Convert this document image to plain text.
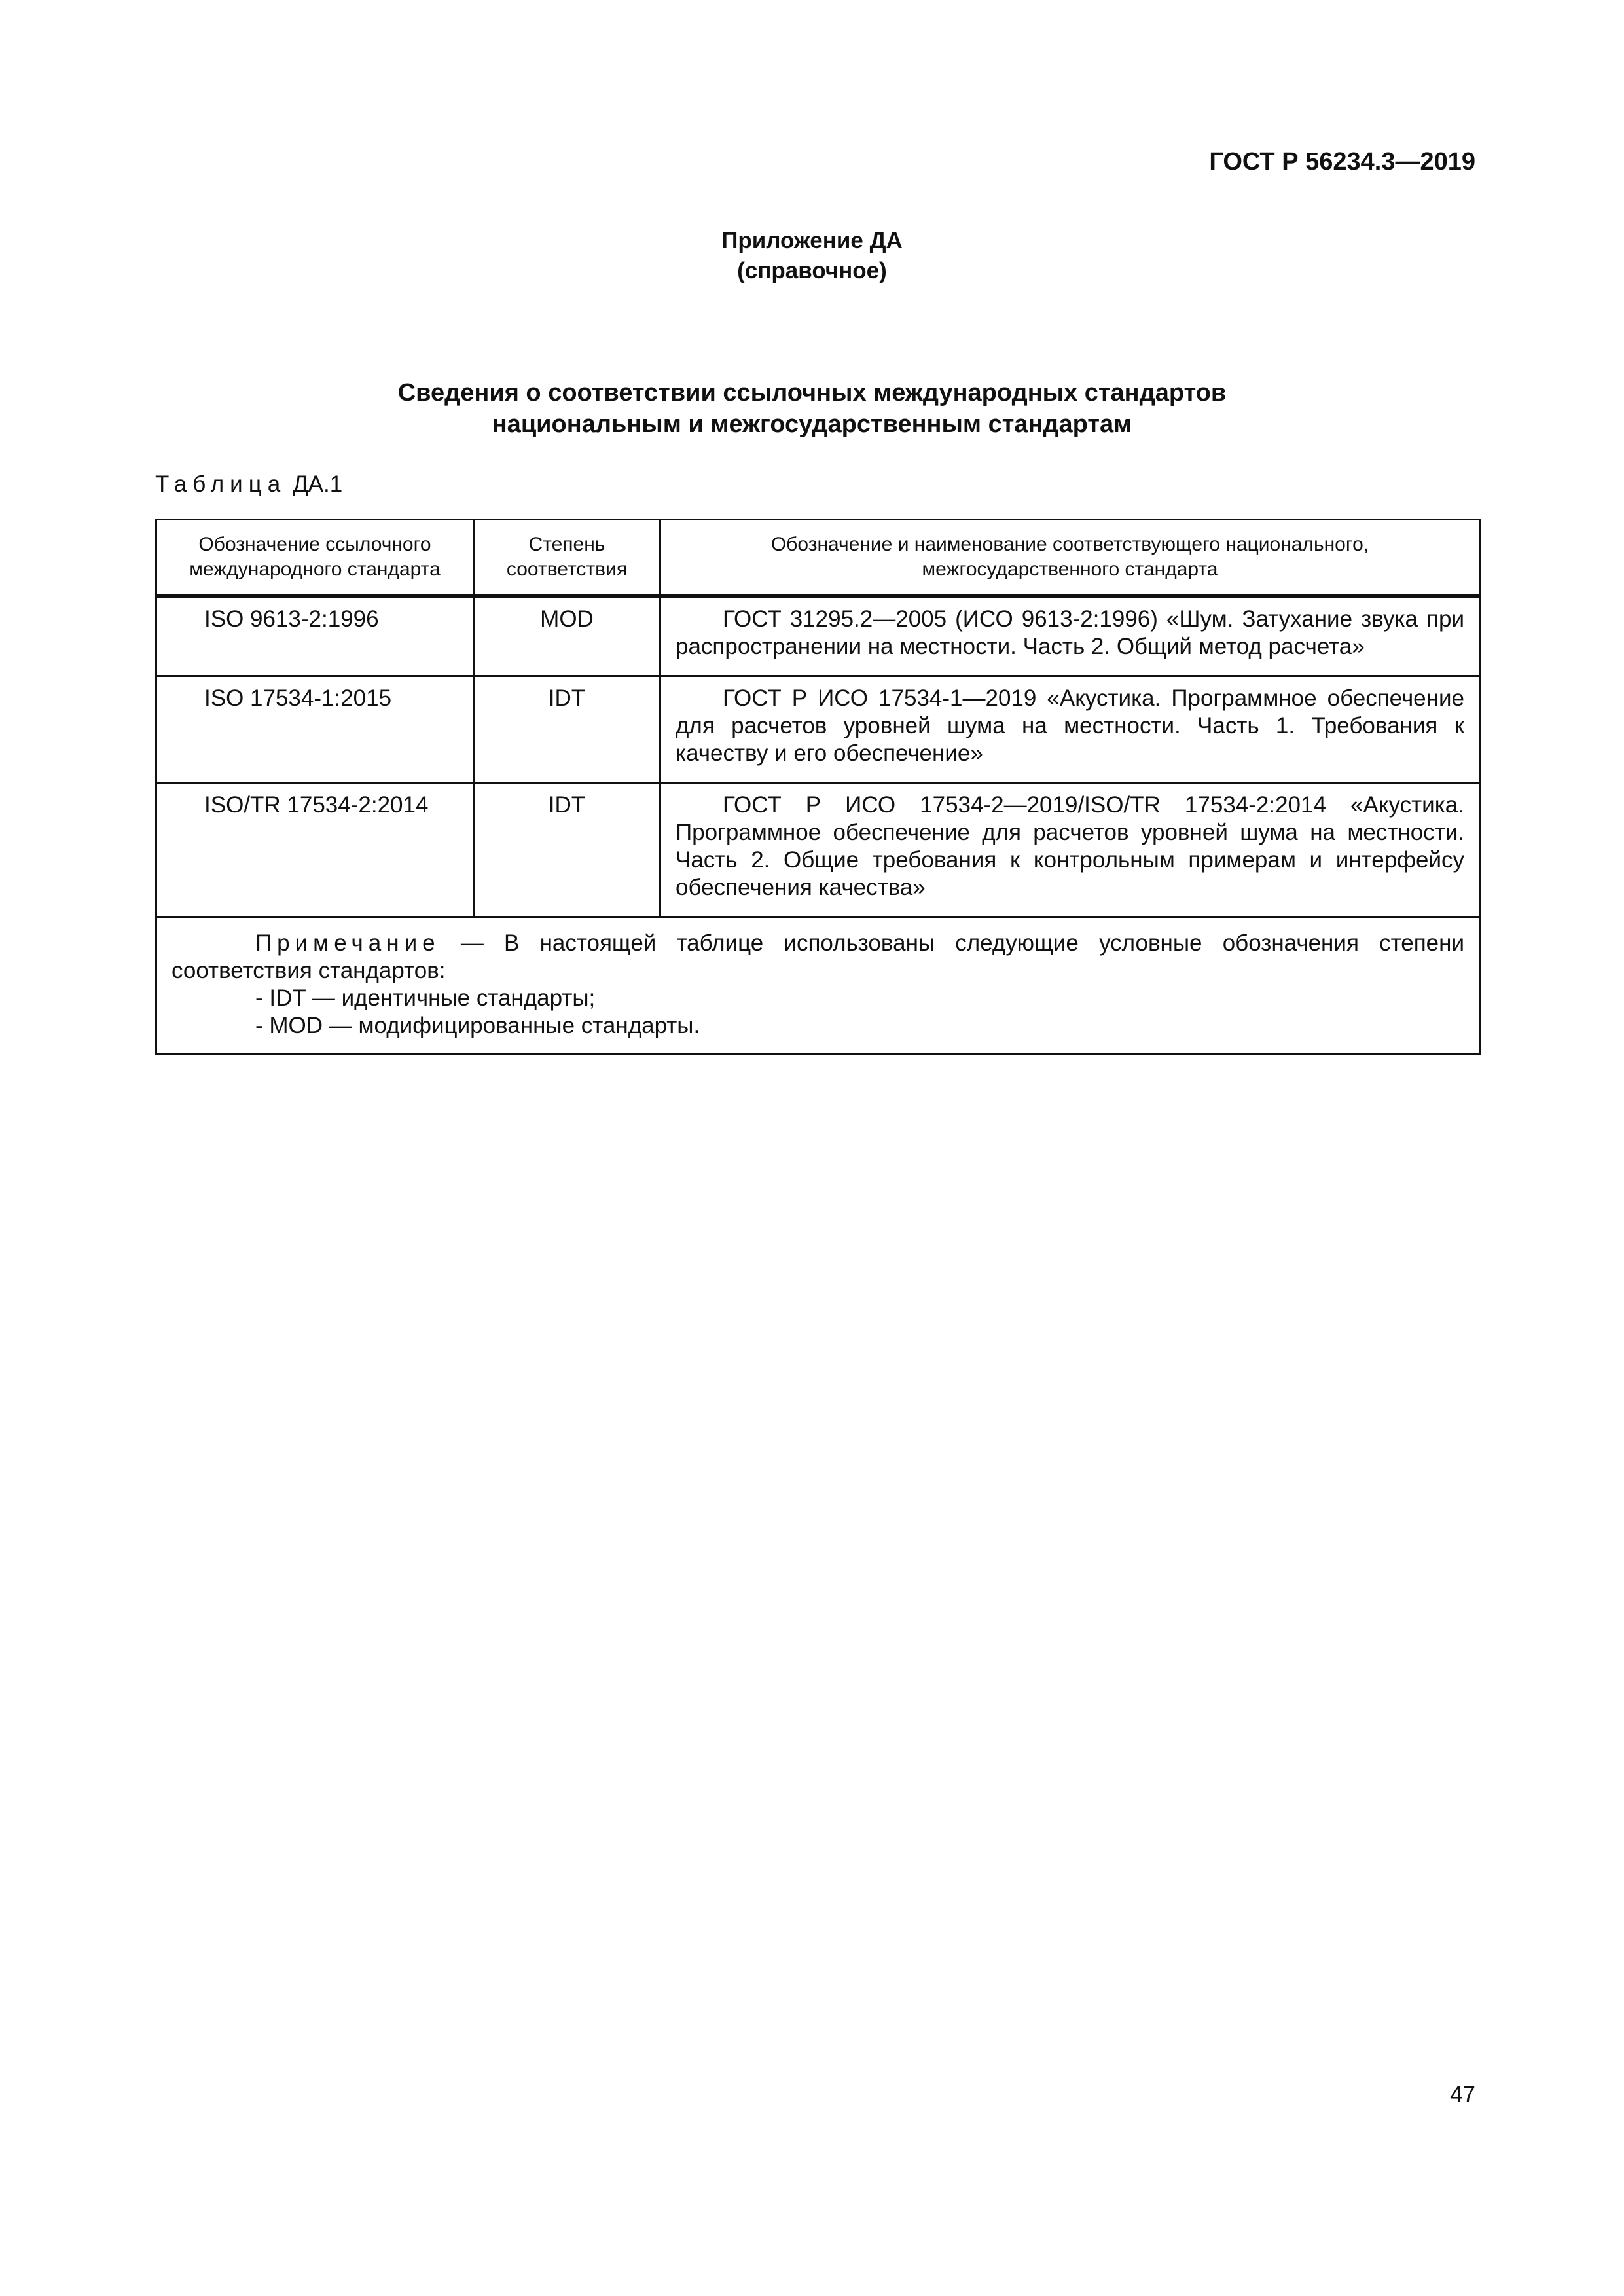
ГОСТ Р 56234.3—2019

Приложение ДА
(справочное)
Сведения о соответствии ссылочных международных стандартов
национальным и межгосударственным стандартам

Таблица ДА.1

Обозначение ссылочного международного стандарта	Степень соответствия	Обозначение и наименование соответствующего национального, межгосударственного стандарта
ISO 9613-2:1996	MOD	ГОСТ 31295.2—2005 (ИСО 9613-2:1996) «Шум. Затухание звука при распространении на местности. Часть 2. Общий метод расчета»

ISO 17534-1:2015	IDT	ГОСТ Р ИСО 17534-1—2019 «Акустика. Программное обеспечение для расчетов уровней шума на местности. Часть 1. Требования к качеству и его обеспечение»

ISO/TR 17534-2:2014	IDT	ГОСТ Р ИСО 17534-2—2019/ISO/TR 17534-2:2014 «Акустика. Программное обеспечение для расчетов уровней шума на местности. Часть 2. Общие требования к контрольным примерам и интерфейсу обеспечения качества»

Примечание — В настоящей таблице использованы следующие условные обозначения степени соответствия стандартов:
- IDT — идентичные стандарты;
- MOD — модифицированные стандарты.		

47
